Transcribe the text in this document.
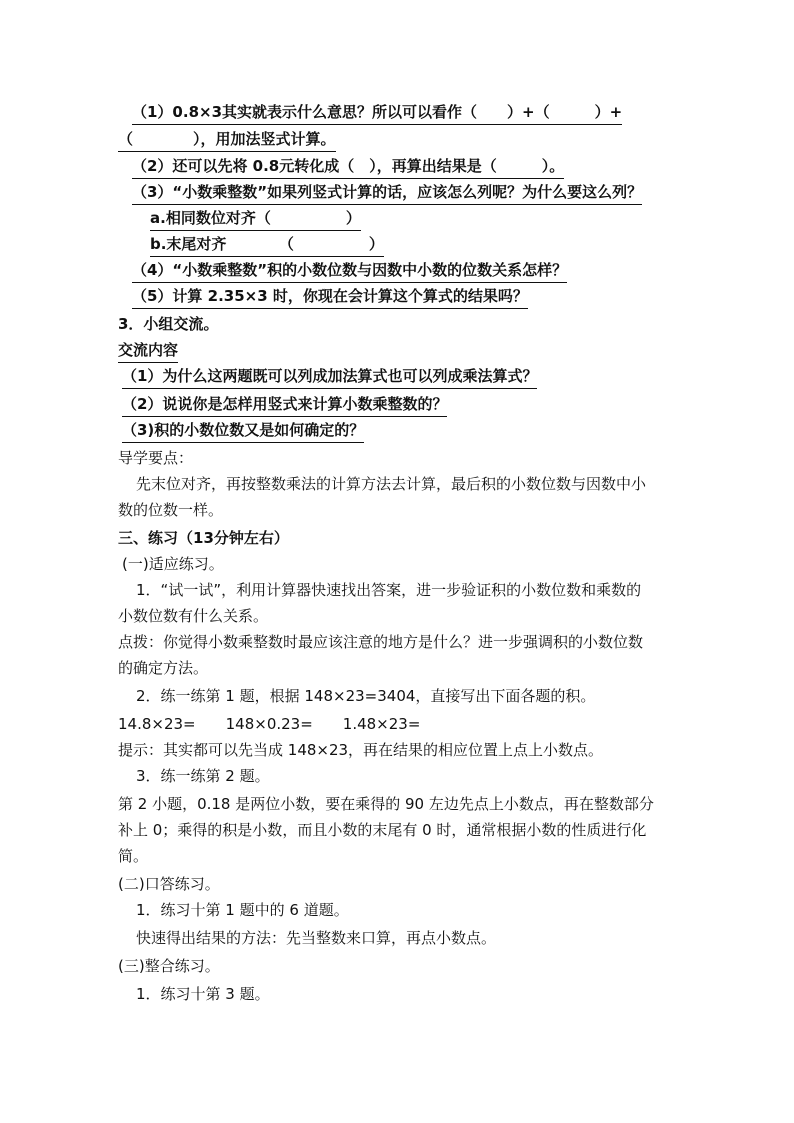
（1）0.8×3其实就表示什么意思？所以可以看作（　　）+（　　　）+
（　　　　），用加法竖式计算。
（2）还可以先将 0.8元转化成（　），再算出结果是（　　　）。
（3）“小数乘整数”如果列竖式计算的话，应该怎么列呢？为什么要这么列？
a.相同数位对齐（　　　　　）
b.末尾对齐　　　　（　　　　　）
（4）“小数乘整数”积的小数位数与因数中小数的位数关系怎样？
（5）计算 2.35×3 时，你现在会计算这个算式的结果吗？
3．小组交流。
交流内容
（1）为什么这两题既可以列成加法算式也可以列成乘法算式？
（2）说说你是怎样用竖式来计算小数乘整数的？
（3)积的小数位数又是如何确定的？
导学要点：
先末位对齐，再按整数乘法的计算方法去计算，最后积的小数位数与因数中小
数的位数一样。
三、练习（13分钟左右）
(一)适应练习。
1．“试一试”，利用计算器快速找出答案，进一步验证积的小数位数和乘数的
小数位数有什么关系。
点拨：你觉得小数乘整数时最应该注意的地方是什么？进一步强调积的小数位数
的确定方法。
2．练一练第 1 题，根据 148×23=3404，直接写出下面各题的积。
14.8×23=　　148×0.23=　　1.48×23=
提示：其实都可以先当成 148×23，再在结果的相应位置上点上小数点。
3．练一练第 2 题。
第 2 小题，0.18 是两位小数，要在乘得的 90 左边先点上小数点，再在整数部分
补上 0；乘得的积是小数，而且小数的末尾有 0 时，通常根据小数的性质进行化
简。
(二)口答练习。
1．练习十第 1 题中的 6 道题。
快速得出结果的方法：先当整数来口算，再点小数点。
(三)整合练习。
1．练习十第 3 题。
